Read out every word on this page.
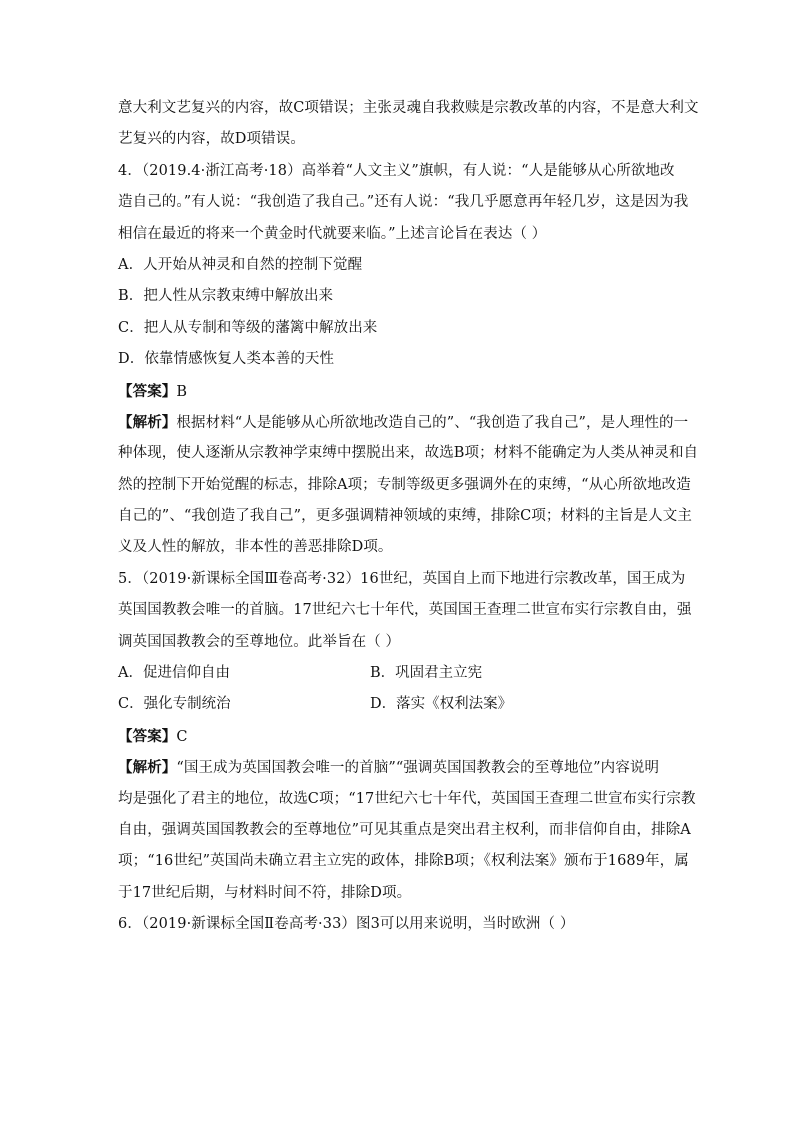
意大利文艺复兴的内容，故C项错误；主张灵魂自我救赎是宗教改革的内容，不是意大利文
艺复兴的内容，故D项错误。
4．（2019.4·浙江高考·18）高举着“人文主义”旗帜，有人说：“人是能够从心所欲地改
造自己的。”有人说：“我创造了我自己。”还有人说：“我几乎愿意再年轻几岁，这是因为我
相信在最近的将来一个黄金时代就要来临。”上述言论旨在表达（ ）
A．人开始从神灵和自然的控制下觉醒
B．把人性从宗教束缚中解放出来
C．把人从专制和等级的藩篱中解放出来
D．依靠情感恢复人类本善的天性
【答案】B
【解析】根据材料“人是能够从心所欲地改造自己的”、“我创造了我自己”，是人理性的一
种体现，使人逐渐从宗教神学束缚中摆脱出来，故选B项；材料不能确定为人类从神灵和自
然的控制下开始觉醒的标志，排除A项；专制等级更多强调外在的束缚，“从心所欲地改造
自己的”、“我创造了我自己”，更多强调精神领域的束缚，排除C项；材料的主旨是人文主
义及人性的解放，非本性的善恶排除D项。
5．（2019·新课标全国Ⅲ卷高考·32）16世纪，英国自上而下地进行宗教改革，国王成为
英国国教教会唯一的首脑。17世纪六七十年代，英国国王查理二世宣布实行宗教自由，强
调英国国教教会的至尊地位。此举旨在（ ）
A．促进信仰自由	B．巩固君主立宪
C．强化专制统治	D．落实《权利法案》
【答案】C
【解析】“国王成为英国国教会唯一的首脑”“强调英国国教教会的至尊地位”内容说明
均是强化了君主的地位，故选C项；“17世纪六七十年代，英国国王查理二世宣布实行宗教
自由，强调英国国教教会的至尊地位”可见其重点是突出君主权利，而非信仰自由，排除A
项；“16世纪”英国尚未确立君主立宪的政体，排除B项；《权利法案》颁布于1689年，属
于17世纪后期，与材料时间不符，排除D项。
6．（2019·新课标全国Ⅱ卷高考·33）图3可以用来说明，当时欧洲（ ）
